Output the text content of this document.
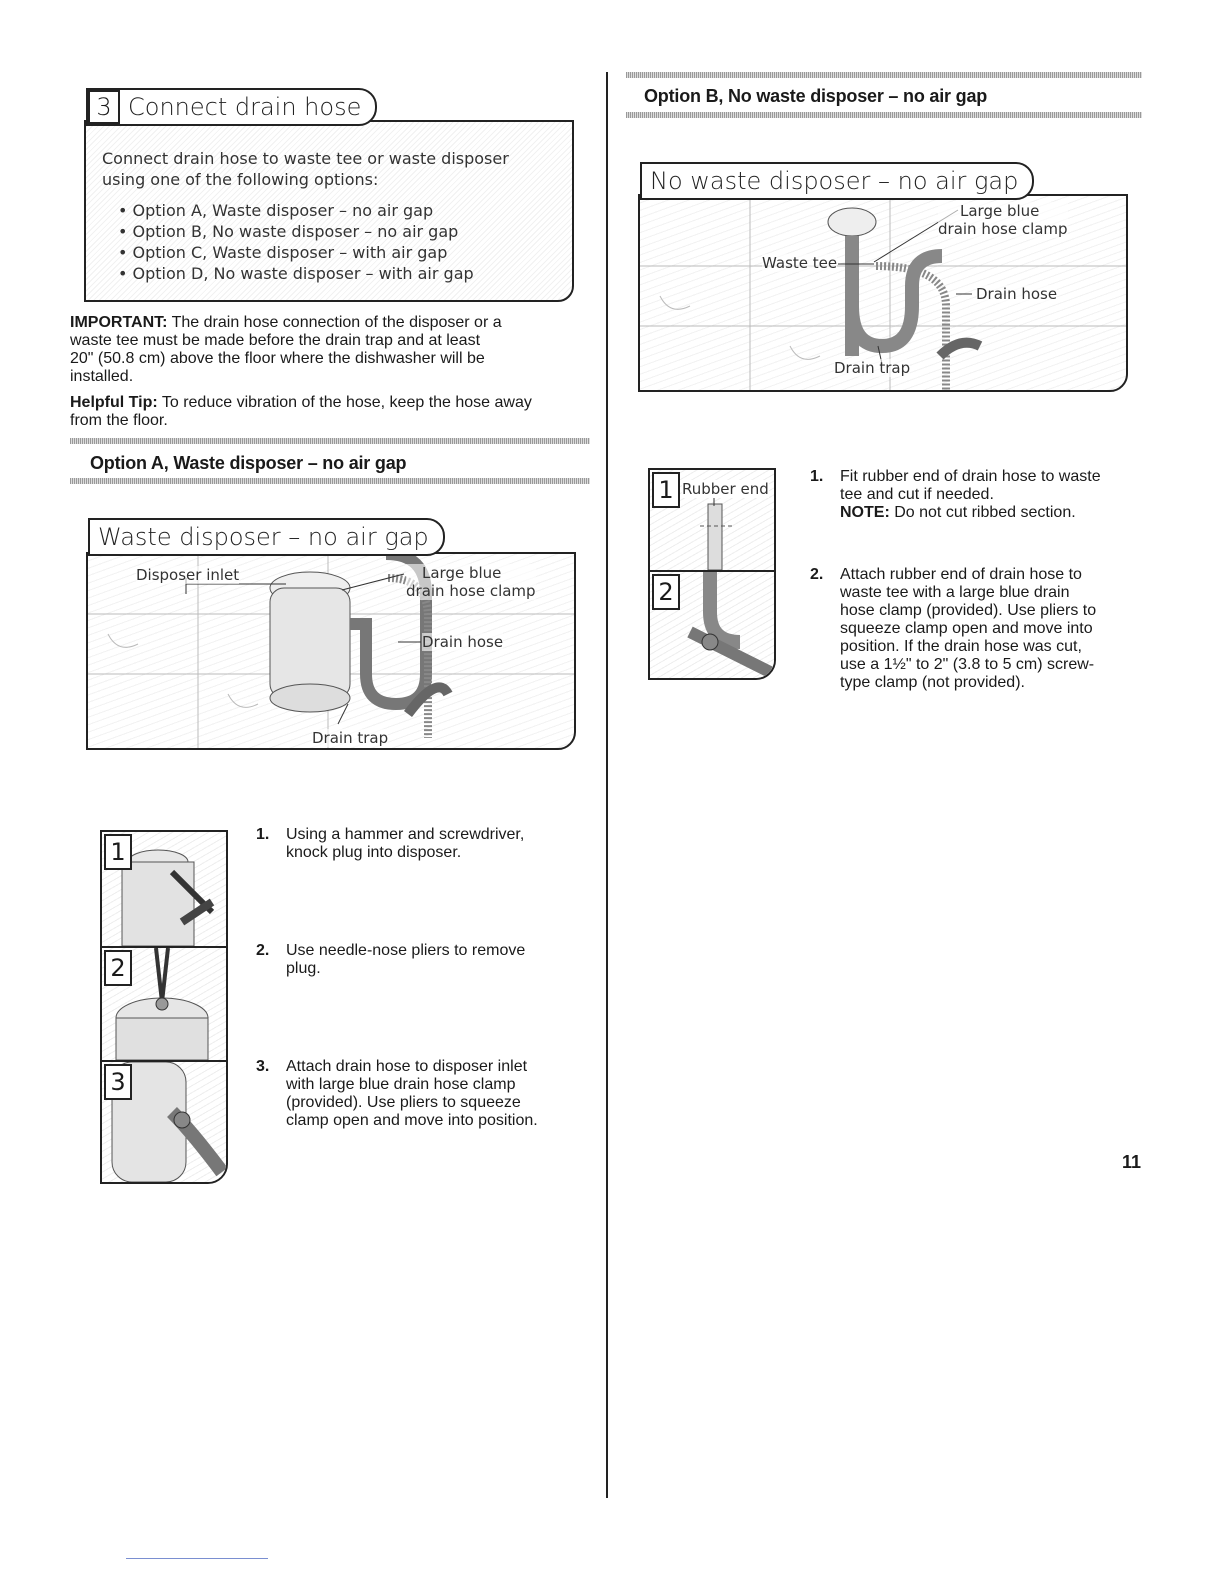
Connect drain hose to waste tee or waste disposer
using one of the following options:
• Option A, Waste disposer – no air gap
• Option B, No waste disposer – no air gap
• Option C, Waste disposer – with air gap
• Option D, No waste disposer – with air gap
3 Connect drain hose
IMPORTANT: The drain hose connection of the disposer or a
waste tee must be made before the drain trap and at least
20" (50.8 cm) above the floor where the dishwasher will be
installed.
Helpful Tip: To reduce vibration of the hose, keep the hose away
from the floor.
Option A, Waste disposer – no air gap
Disposer inlet	Large blue
drain hose clamp
Drain hose
Drain trap
Waste disposer – no air gap
1
2
3
1. Using a hammer and screwdriver,
knock plug into disposer.
2. Use needle-nose pliers to remove
plug.
3. Attach drain hose to disposer inlet
with large blue drain hose clamp
(provided). Use pliers to squeeze
clamp open and move into position.
Option B, No waste disposer – no air gap
Large blue
drain hose clamp
Waste tee
Drain hose
Drain trap
No waste disposer – no air gap
1 Rubber end
2
1. Fit rubber end of drain hose to waste
tee and cut if needed.
NOTE: Do not cut ribbed section.
2. Attach rubber end of drain hose to
waste tee with a large blue drain
hose clamp (provided). Use pliers to
squeeze clamp open and move into
position. If the drain hose was cut,
use a 1½" to 2" (3.8 to 5 cm) screw-
type clamp (not provided).
11
